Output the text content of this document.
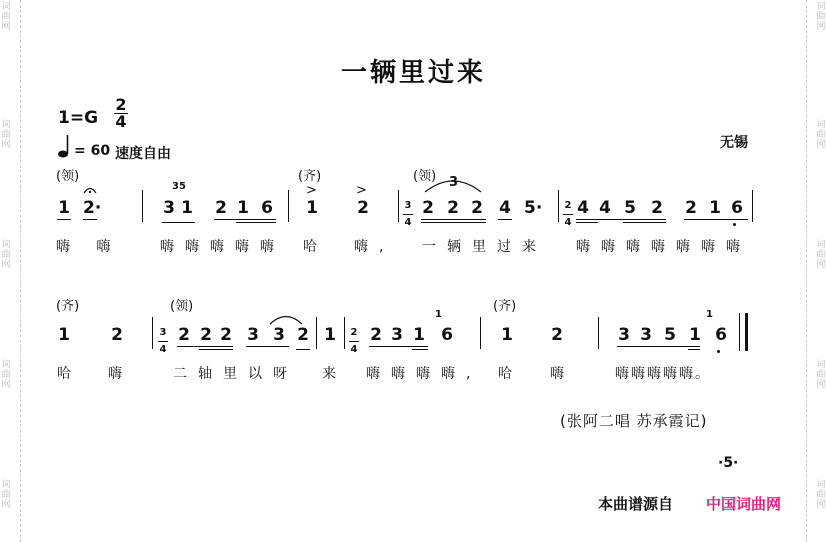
词曲网
词曲网
词曲网
词曲网
词曲网
词曲网
词曲网
词曲网
词曲网
词曲网
一辆里过来
1=G
2
4
= 60 速度自由
无锡
(领)	(齐)	(领)
>	>
35	3
1 2·	3 1 2 1 6 1 2	2 2 2 4 5· 4 4 5 2 2 1 6
3
4
2
4
嗨 嗨	嗨嗨嗨嗨嗨 哈 嗨, 一辆里过来 嗨嗨嗨嗨嗨嗨嗨
(齐)	(领)	(齐)
1	1
1 2	2 2 2 3 3 2 1 2 3 1 6	1 2	3 3 5 1 6
3
4
2
4
哈 嗨	二轴里以呀 来 嗨嗨嗨嗨, 哈 嗨	嗨嗨嗨嗨嗨。
(张阿二唱 苏承霞记)
·5·
本曲谱源自 中国词曲网
